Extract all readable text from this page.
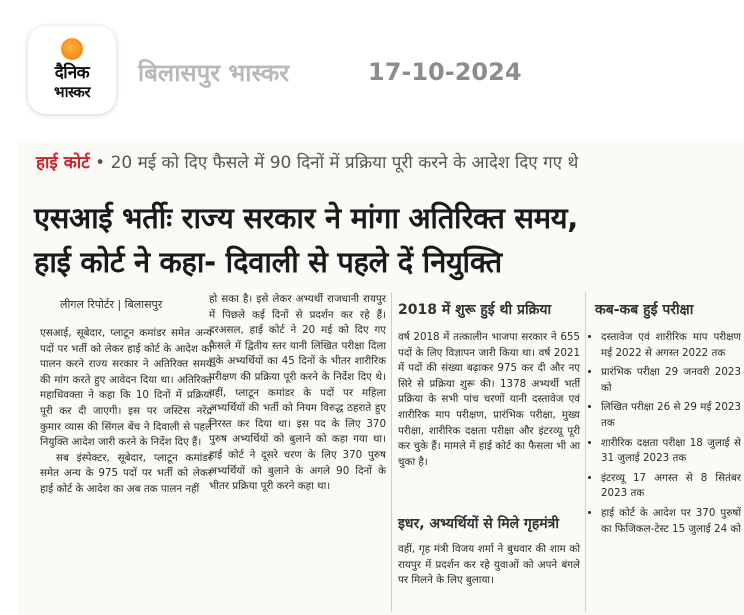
दैनिक
भास्कर
बिलासपुर भास्कर	17-10-2024
हाई कोर्ट • 20 मई को दिए फैसले में 90 दिनों में प्रक्रिया पूरी करने के आदेश दिए गए थे
एसआई भर्तीः राज्य सरकार ने मांगा अतिरिक्त समय,
हाई कोर्ट ने कहा- दिवाली से पहले दें नियुक्ति
लीगल रिपोर्टर | बिलासपुर

एसआई, सूबेदार, प्लाटून कमांडर समेत अन्य पदों पर भर्ती को लेकर हाई कोर्ट के आदेश का पालन करने राज्य सरकार ने अतिरिक्त समय की मांग करते हुए आवेदन दिया था। अतिरिक्त महाधिवक्ता ने कहा कि 10 दिनों में प्रक्रिया पूरी कर दी जाएगी। इस पर जस्टिस नरेंद्र कुमार व्यास की सिंगल बेंच ने दिवाली से पहले नियुक्ति आदेश जारी करने के निर्देश दिए हैं।

सब इंस्पेक्टर, सूबेदार, प्लाटून कमांडर समेत अन्य के 975 पदों पर भर्ती को लेकर हाई कोर्ट के आदेश का अब तक पालन नहीं

हो सका है। इसे लेकर अभ्यर्थी राजधानी रायपुर में पिछले कई दिनों से प्रदर्शन कर रहे हैं। दरअसल, हाई कोर्ट ने 20 मई को दिए गए फैसले में द्वितीय स्तर यानी लिखित परीक्षा दिला चुके अभ्यर्थियों का 45 दिनों के भीतर शारीरिक परीक्षण की प्रक्रिया पूरी करने के निर्देश दिए थे। वहीं, प्लाटून कमांडर के पदों पर महिला अभ्यर्थियों की भर्ती को नियम विरुद्ध ठहराते हुए निरस्त कर दिया था। इस पद के लिए 370 पुरुष अभ्यर्थियों को बुलाने को कहा गया था। हाई कोर्ट ने दूसरे चरण के लिए 370 पुरुष अभ्यर्थियों को बुलाने के अगले 90 दिनों के भीतर प्रक्रिया पूरी करने कहा था।

2018 में शुरू हुई थी प्रक्रिया

वर्ष 2018 में तत्कालीन भाजपा सरकार ने 655 पदों के लिए विज्ञापन जारी किया था। वर्ष 2021 में पदों की संख्या बढ़ाकर 975 कर दी और नए सिरे से प्रक्रिया शुरू की। 1378 अभ्यर्थी भर्ती प्रक्रिया के सभी पांच चरणों यानी दस्तावेज एवं शारीरिक माप परीक्षण, प्रारंभिक परीक्षा, मुख्य परीक्षा, शारीरिक दक्षता परीक्षा और इंटरव्यू पूरी कर चुके हैं। मामले में हाई कोर्ट का फैसला भी आ चुका है।

इधर, अभ्यर्थियों से मिले गृहमंत्री

वहीं, गृह मंत्री विजय शर्मा ने बुधवार की शाम को रायपुर में प्रदर्शन कर रहे युवाओं को अपने बंगले पर मिलने के लिए बुलाया।

कब-कब हुई परीक्षा
• दस्तावेज एवं शारीरिक माप परीक्षण मई 2022 से अगस्त 2022 तक
• प्रारंभिक परीक्षा 29 जनवरी 2023 को
• लिखित परीक्षा 26 से 29 मई 2023 तक
• शारीरिक दक्षता परीक्षा 18 जुलाई से 31 जुलाई 2023 तक
• इंटरव्यू 17 अगस्त से 8 सितंबर 2023 तक
• हाई कोर्ट के आदेश पर 370 पुरुषों का फिजिकल-टेस्ट 15 जुलाई 24 को
